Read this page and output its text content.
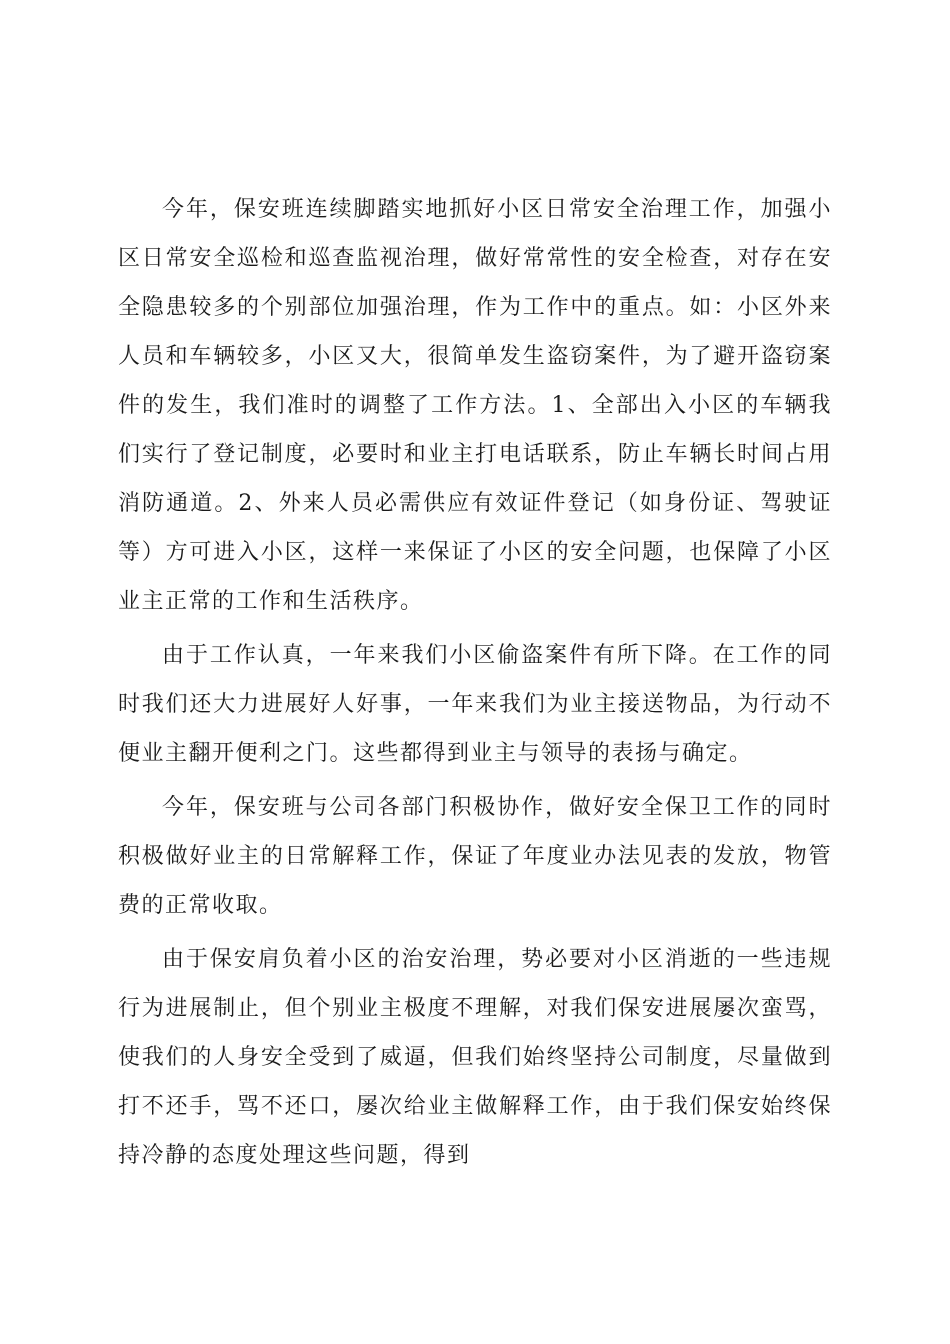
今年，保安班连续脚踏实地抓好小区日常安全治理工作，加强小区日常安全巡检和巡查监视治理，做好常常性的安全检查，对存在安全隐患较多的个别部位加强治理，作为工作中的重点。如：小区外来人员和车辆较多，小区又大，很简单发生盗窃案件，为了避开盗窃案件的发生，我们准时的调整了工作方法。1、全部出入小区的车辆我们实行了登记制度，必要时和业主打电话联系，防止车辆长时间占用消防通道。2、外来人员必需供应有效证件登记（如身份证、驾驶证等）方可进入小区，这样一来保证了小区的安全问题，也保障了小区业主正常的工作和生活秩序。

由于工作认真，一年来我们小区偷盗案件有所下降。在工作的同时我们还大力进展好人好事，一年来我们为业主接送物品，为行动不便业主翻开便利之门。这些都得到业主与领导的表扬与确定。

今年，保安班与公司各部门积极协作，做好安全保卫工作的同时积极做好业主的日常解释工作，保证了年度业办法见表的发放，物管费的正常收取。

由于保安肩负着小区的治安治理，势必要对小区消逝的一些违规行为进展制止，但个别业主极度不理解，对我们保安进展屡次蛮骂，使我们的人身安全受到了威逼，但我们始终坚持公司制度，尽量做到打不还手，骂不还口，屡次给业主做解释工作，由于我们保安始终保持冷静的态度处理这些问题，得到
